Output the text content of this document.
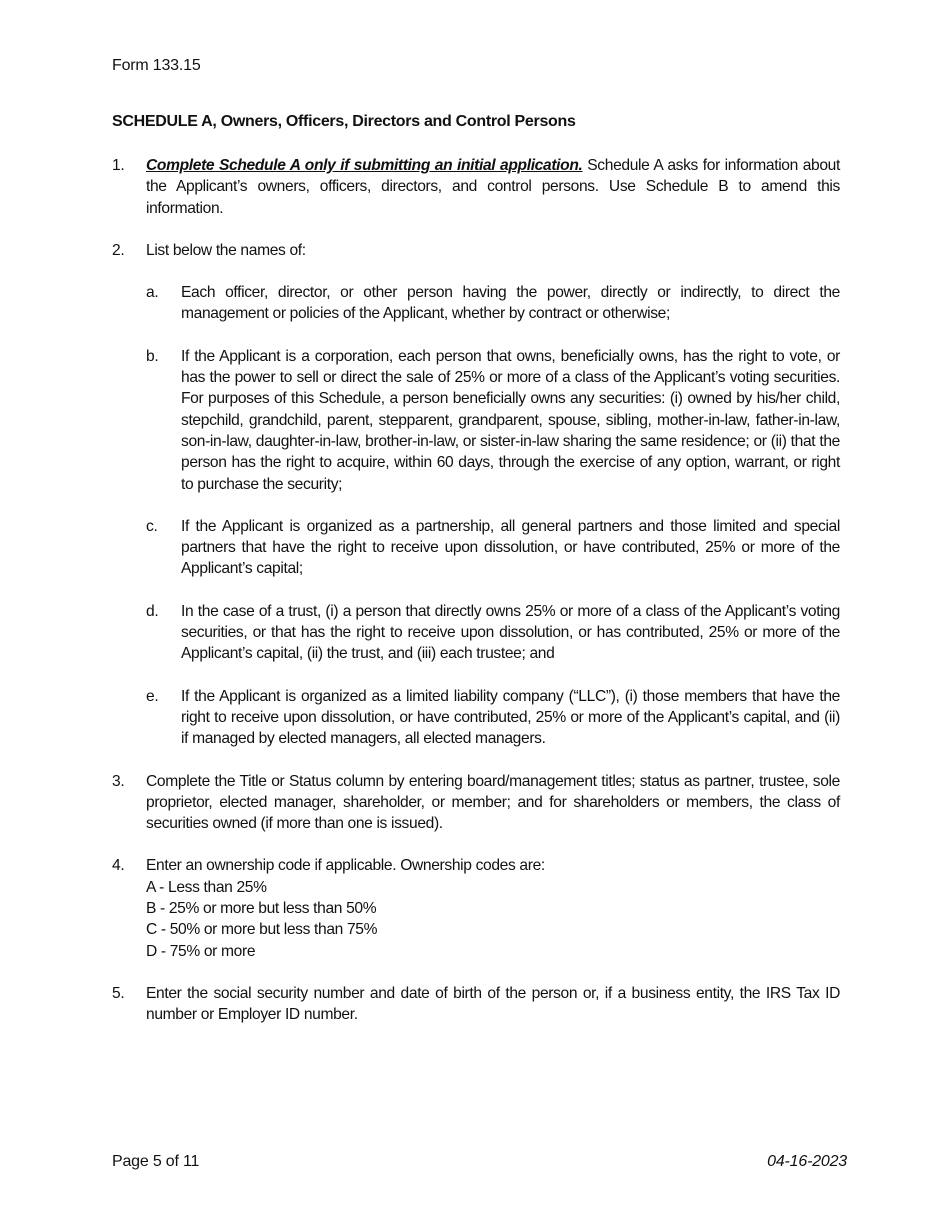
Form 133.15
SCHEDULE A, Owners, Officers, Directors and Control Persons
1.	Complete Schedule A only if submitting an initial application. Schedule A asks for information about the Applicant’s owners, officers, directors, and control persons. Use Schedule B to amend this information.
2.	List below the names of:
a.	Each officer, director, or other person having the power, directly or indirectly, to direct the management or policies of the Applicant, whether by contract or otherwise;
b.	If the Applicant is a corporation, each person that owns, beneficially owns, has the right to vote, or has the power to sell or direct the sale of 25% or more of a class of the Applicant’s voting securities. For purposes of this Schedule, a person beneficially owns any securities: (i) owned by his/her child, stepchild, grandchild, parent, stepparent, grandparent, spouse, sibling, mother-in-law, father-in-law, son-in-law, daughter-in-law, brother-in-law, or sister-in-law sharing the same residence; or (ii) that the person has the right to acquire, within 60 days, through the exercise of any option, warrant, or right to purchase the security;
c.	If the Applicant is organized as a partnership, all general partners and those limited and special partners that have the right to receive upon dissolution, or have contributed, 25% or more of the Applicant’s capital;
d.	In the case of a trust, (i) a person that directly owns 25% or more of a class of the Applicant’s voting securities, or that has the right to receive upon dissolution, or has contributed, 25% or more of the Applicant’s capital, (ii) the trust, and (iii) each trustee; and
e.	If the Applicant is organized as a limited liability company (“LLC”), (i) those members that have the right to receive upon dissolution, or have contributed, 25% or more of the Applicant’s capital, and (ii) if managed by elected managers, all elected managers.
3.	Complete the Title or Status column by entering board/management titles; status as partner, trustee, sole proprietor, elected manager, shareholder, or member; and for shareholders or members, the class of securities owned (if more than one is issued).
4.	Enter an ownership code if applicable. Ownership codes are:
A - Less than 25%
B - 25% or more but less than 50%
C - 50% or more but less than 75%
D - 75% or more
5.	Enter the social security number and date of birth of the person or, if a business entity, the IRS Tax ID number or Employer ID number.
Page 5 of 11	04-16-2023
